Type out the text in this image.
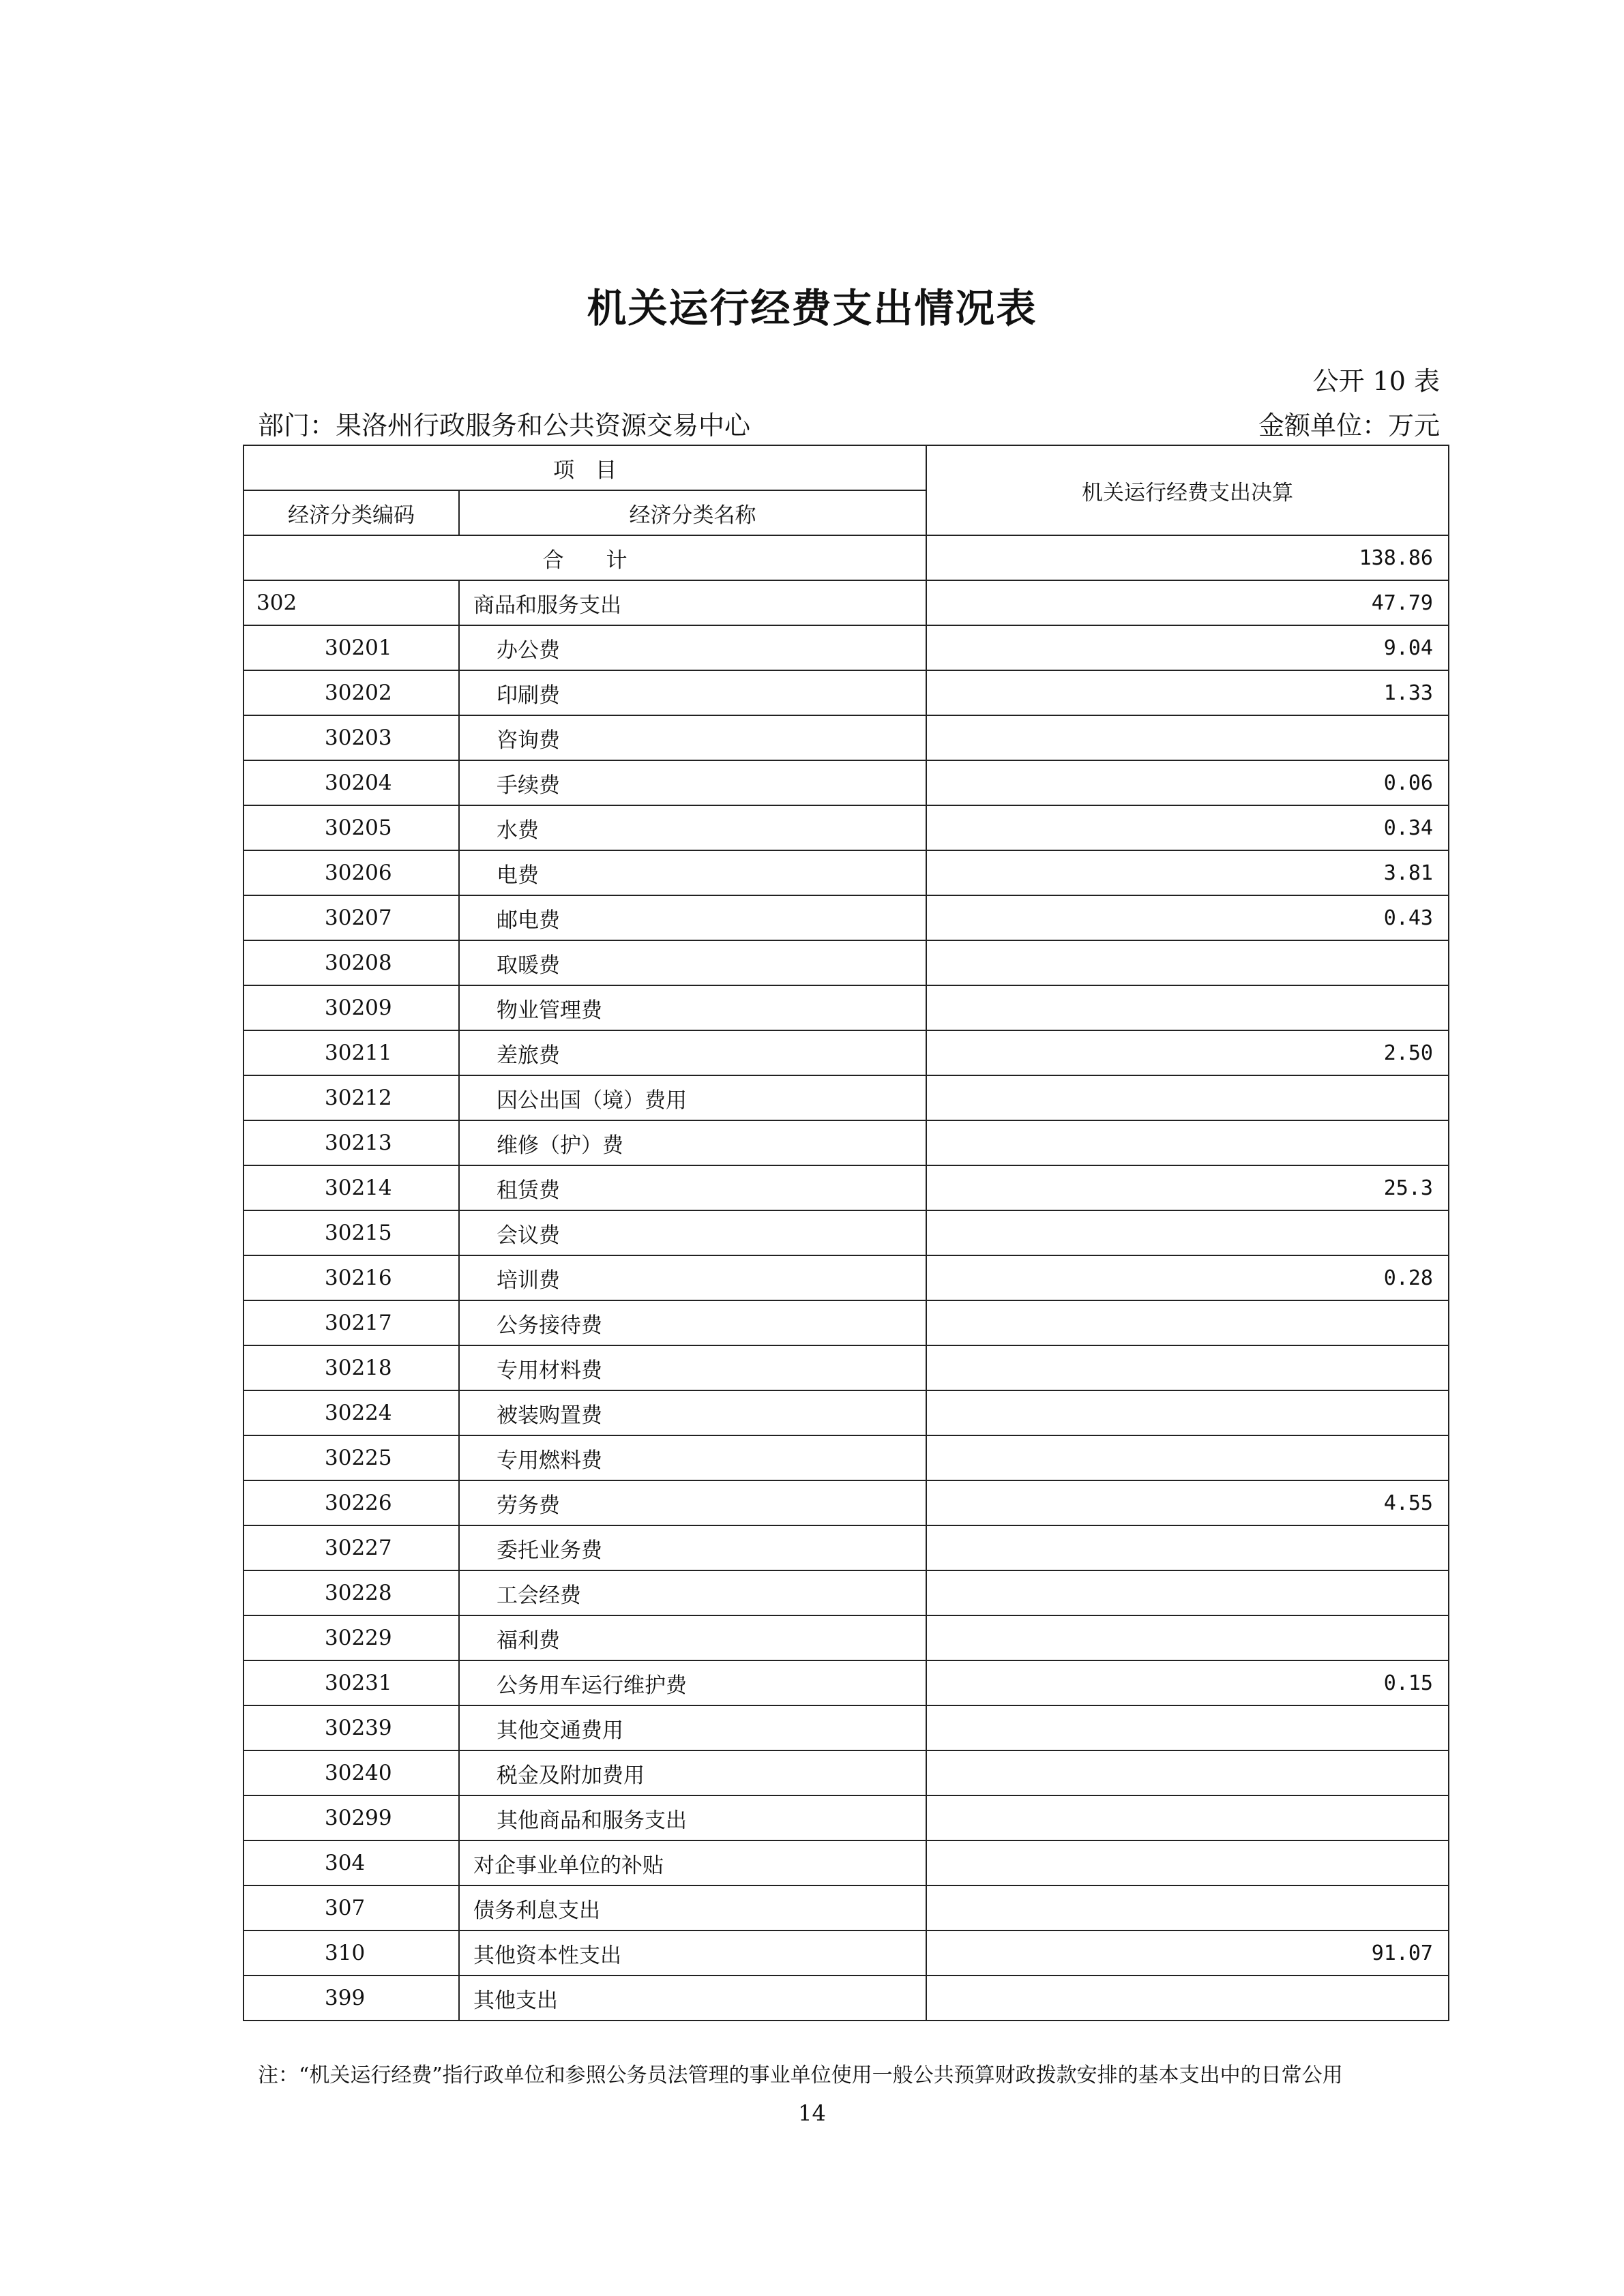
机关运行经费支出情况表
公开 10 表
部门：果洛州行政服务和公共资源交易中心	金额单位：万元
项　目		机关运行经费支出决算
经济分类编码	经济分类名称	
合　　计		138.86
302	商品和服务支出	47.79
30201	办公费	9.04
30202	印刷费	1.33
30203	咨询费	
30204	手续费	0.06
30205	水费	0.34
30206	电费	3.81
30207	邮电费	0.43
30208	取暖费	
30209	物业管理费	
30211	差旅费	2.50
30212	因公出国（境）费用	
30213	维修（护）费	
30214	租赁费	25.3
30215	会议费	
30216	培训费	0.28
30217	公务接待费	
30218	专用材料费	
30224	被装购置费	
30225	专用燃料费	
30226	劳务费	4.55
30227	委托业务费	
30228	工会经费	
30229	福利费	
30231	公务用车运行维护费	0.15
30239	其他交通费用	
30240	税金及附加费用	
30299	其他商品和服务支出	
304	对企事业单位的补贴	
307	债务利息支出	
310	其他资本性支出	91.07
399	其他支出	
注：“机关运行经费”指行政单位和参照公务员法管理的事业单位使用一般公共预算财政拨款安排的基本支出中的日常公用
14
